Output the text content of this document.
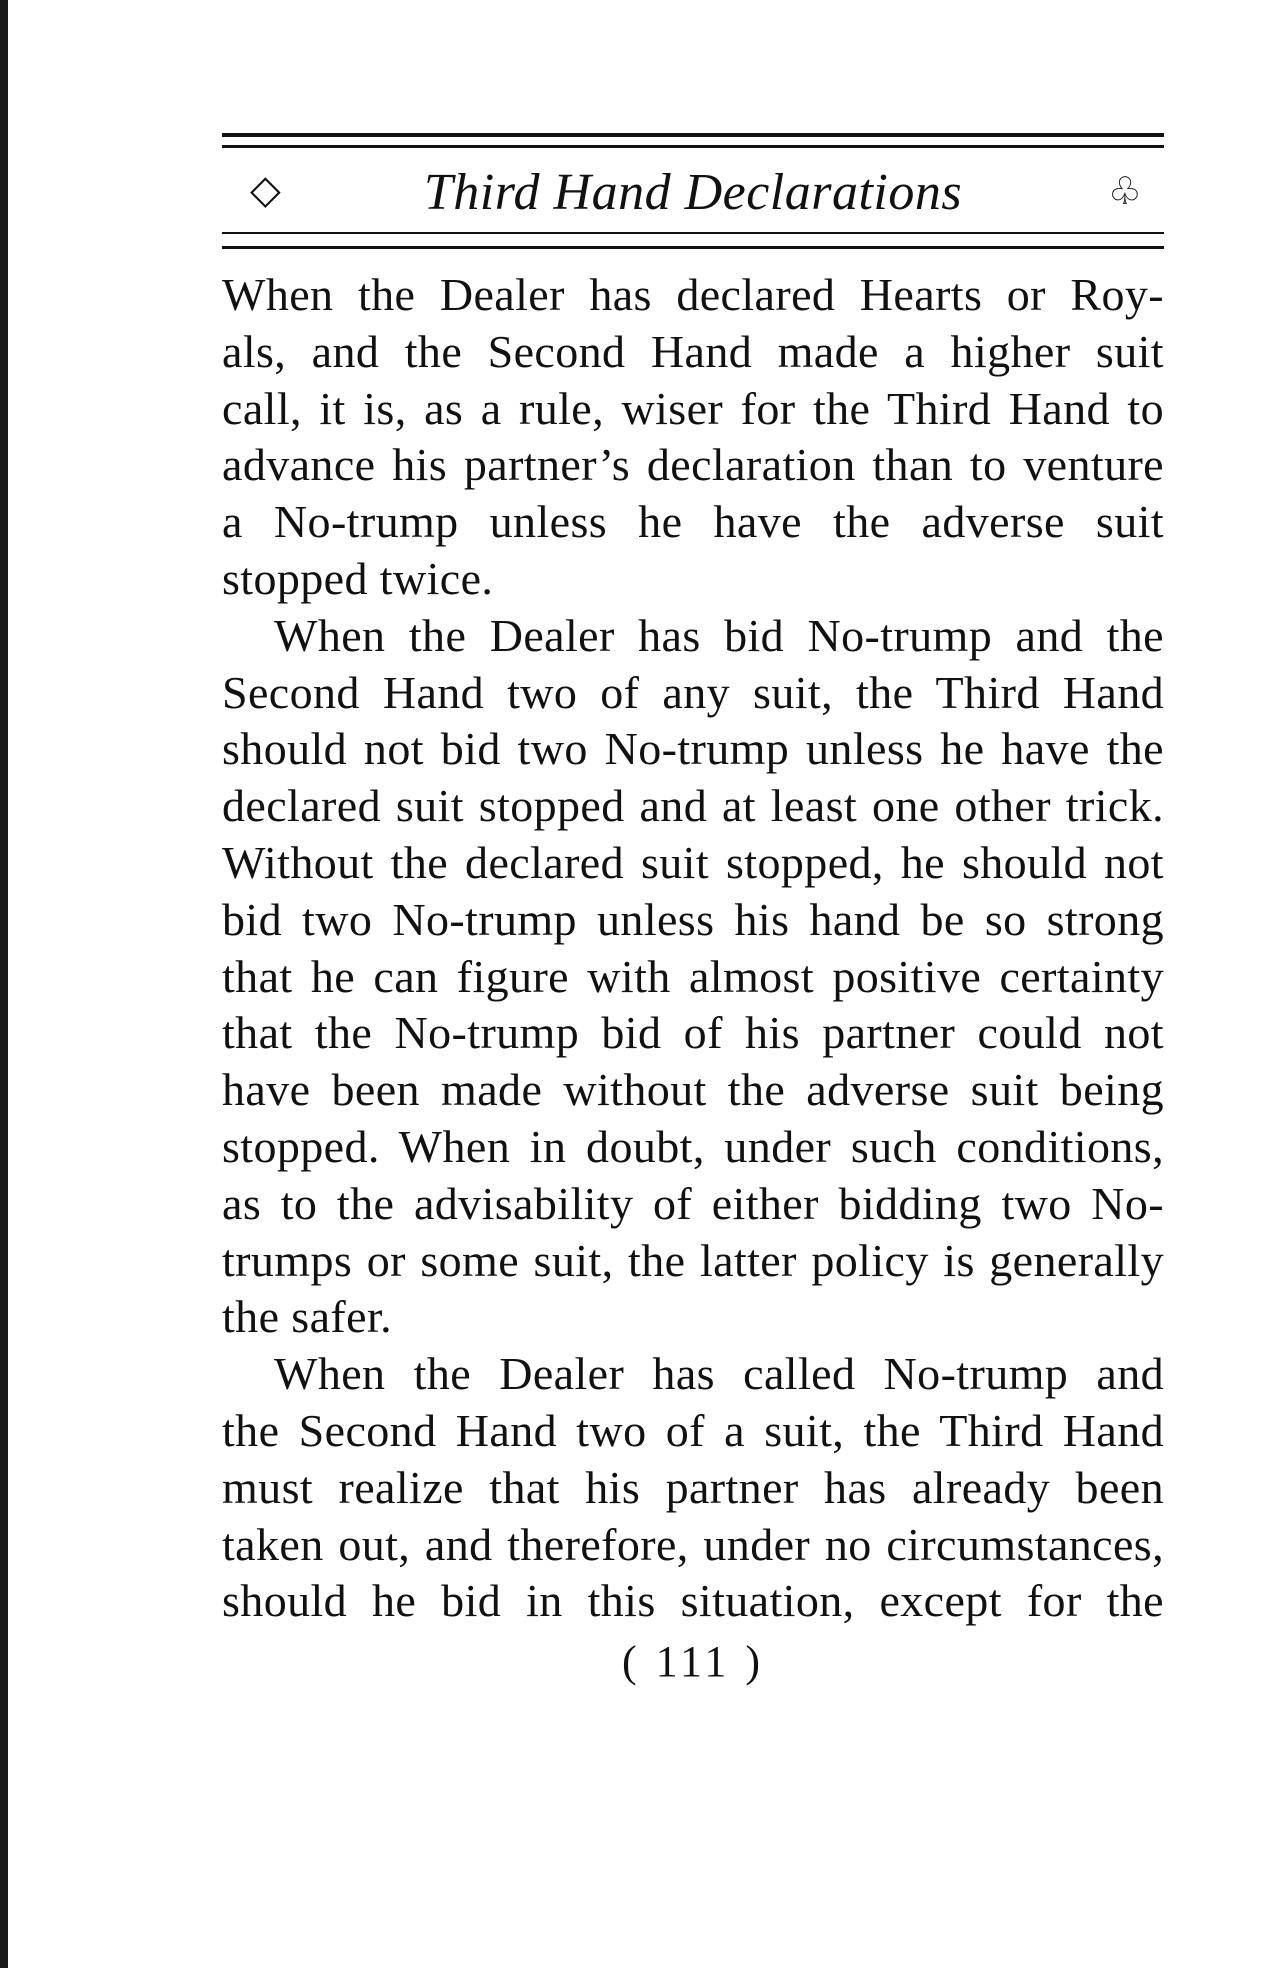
◇	Third Hand Declarations	♧
When the Dealer has declared Hearts or Roy-
als, and the Second Hand made a higher suit
call, it is, as a rule, wiser for the Third Hand to
advance his partner’s declaration than to venture
a No-trump unless he have the adverse suit
stopped twice.
When the Dealer has bid No-trump and the
Second Hand two of any suit, the Third Hand
should not bid two No-trump unless he have the
declared suit stopped and at least one other trick.
Without the declared suit stopped, he should not
bid two No-trump unless his hand be so strong
that he can figure with almost positive certainty
that the No-trump bid of his partner could not
have been made without the adverse suit being
stopped. When in doubt, under such conditions,
as to the advisability of either bidding two No-
trumps or some suit, the latter policy is generally
the safer.
When the Dealer has called No-trump and
the Second Hand two of a suit, the Third Hand
must realize that his partner has already been
taken out, and therefore, under no circumstances,
should he bid in this situation, except for the
( 111 )
